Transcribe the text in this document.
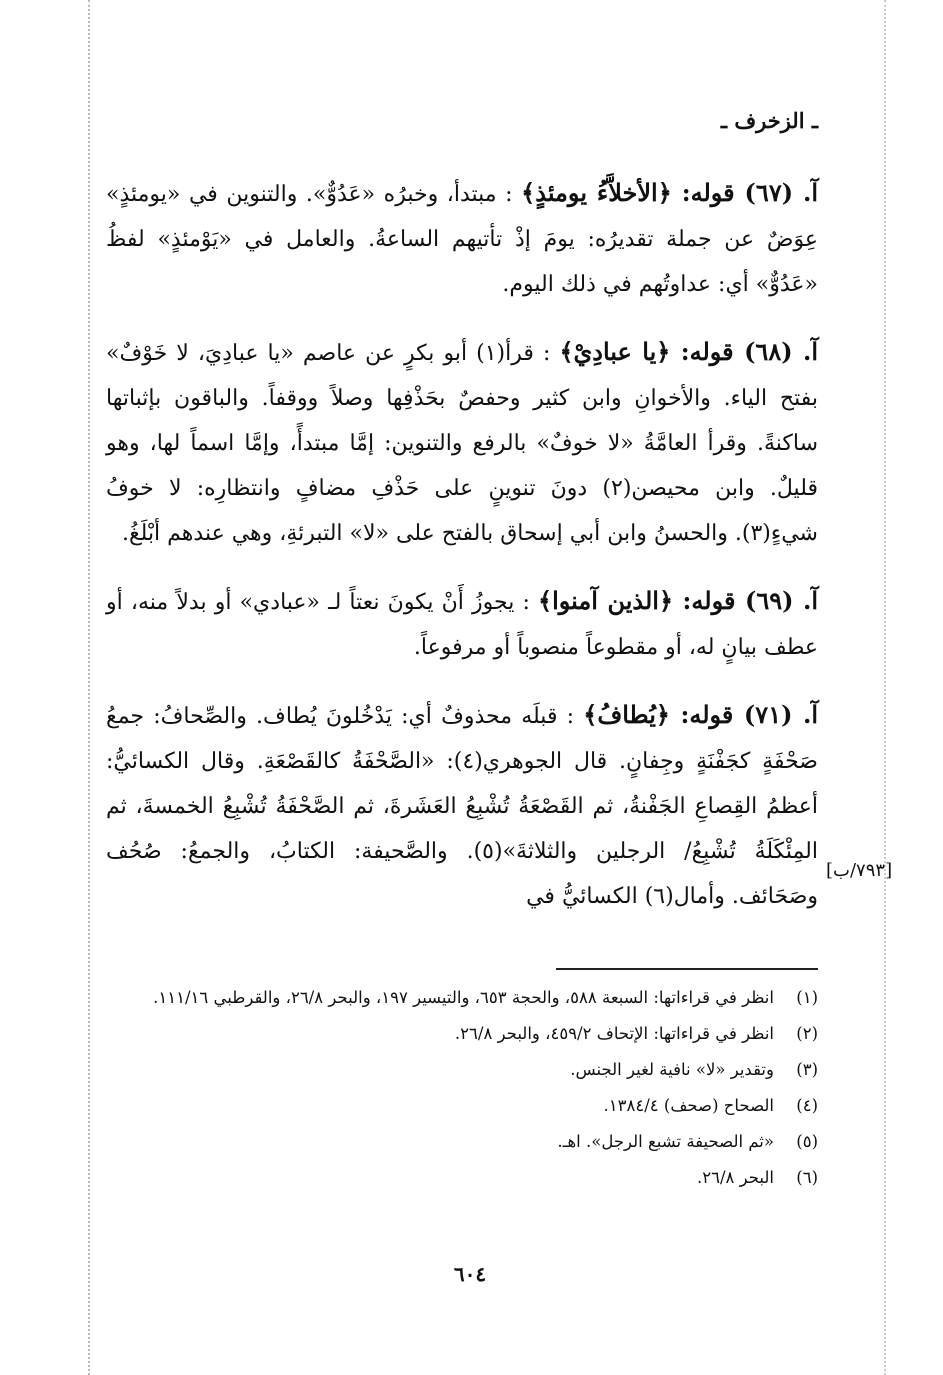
ـ الزخرف ـ

آ. (٦٧) قوله: ﴿الأخلاَّءُ يومئذٍ﴾ : مبتدأ، وخبرُه «عَدُوٌّ». والتنوين في «يومئذٍ» عِوَضٌ عن جملة تقديرُه: يومَ إذْ تأتيهم الساعةُ. والعامل في «يَوْمئذٍ» لفظُ «عَدُوٌّ» أي: عداوتُهم في ذلك اليوم.

آ. (٦٨) قوله: ﴿يا عبادِيْ﴾ : قرأ(١) أبو بكرٍ عن عاصم «يا عبادِيَ، لا خَوْفٌ» بفتح الياء. والأخوانِ وابن كثير وحفصٌ بحَذْفِها وصلاً ووقفاً. والباقون بإثباتها ساكنةً. وقرأ العامَّةُ «لا خوفٌ» بالرفع والتنوين: إمَّا مبتدأً، وإمَّا اسماً لها، وهو قليلٌ. وابن محيصن(٢) دونَ تنوينٍ على حَذْفِ مضافٍ وانتظارِه: لا خوفُ شيءٍ(٣). والحسنُ وابن أبي إسحاق بالفتح على «لا» التبرئةِ، وهي عندهم أبْلَغُ.

آ. (٦٩) قوله: ﴿الذين آمنوا﴾ : يجوزُ أَنْ يكونَ نعتاً لـ «عبادي» أو بدلاً منه، أو عطف بيانٍ له، أو مقطوعاً منصوباً أو مرفوعاً.

آ. (٧١) قوله: ﴿يُطافُ﴾ : قبلَه محذوفٌ أي: يَدْخُلونَ يُطاف. والصِّحافُ: جمعُ صَحْفَةٍ كجَفْنَةٍ وجِفانٍ. قال الجوهري(٤): «الصَّحْفَةُ كالقَصْعَةِ. وقال الكسائيُّ: أعظمُ القِصاعِ الجَفْنةُ، ثم القَصْعَةُ تُشْبِعُ العَشَرةَ، ثم الصَّحْفَةُ تُشْبِعُ الخمسةَ، ثم المِئْكَلَةُ تُشْبِعُ/ الرجلين والثلاثةَ»(٥). والصَّحيفة: الكتابُ، والجمعُ: صُحُف وصَحَائف. وأمال(٦) الكسائيُّ في

[٧٩٣/ب]
(١)
انظر في قراءاتها: السبعة ٥٨٨، والحجة ٦٥٣، والتيسير ١٩٧، والبحر ٢٦/٨، والقرطبي ١١١/١٦.
(٢)
انظر في قراءاتها: الإتحاف ٤٥٩/٢، والبحر ٢٦/٨.
(٣)
وتقدير «لا» نافية لغير الجنس.
(٤)
الصحاح (صحف) ١٣٨٤/٤.
(٥)
«ثم الصحيفة تشبع الرجل». اهـ.
(٦)
البحر ٢٦/٨.
٦٠٤
